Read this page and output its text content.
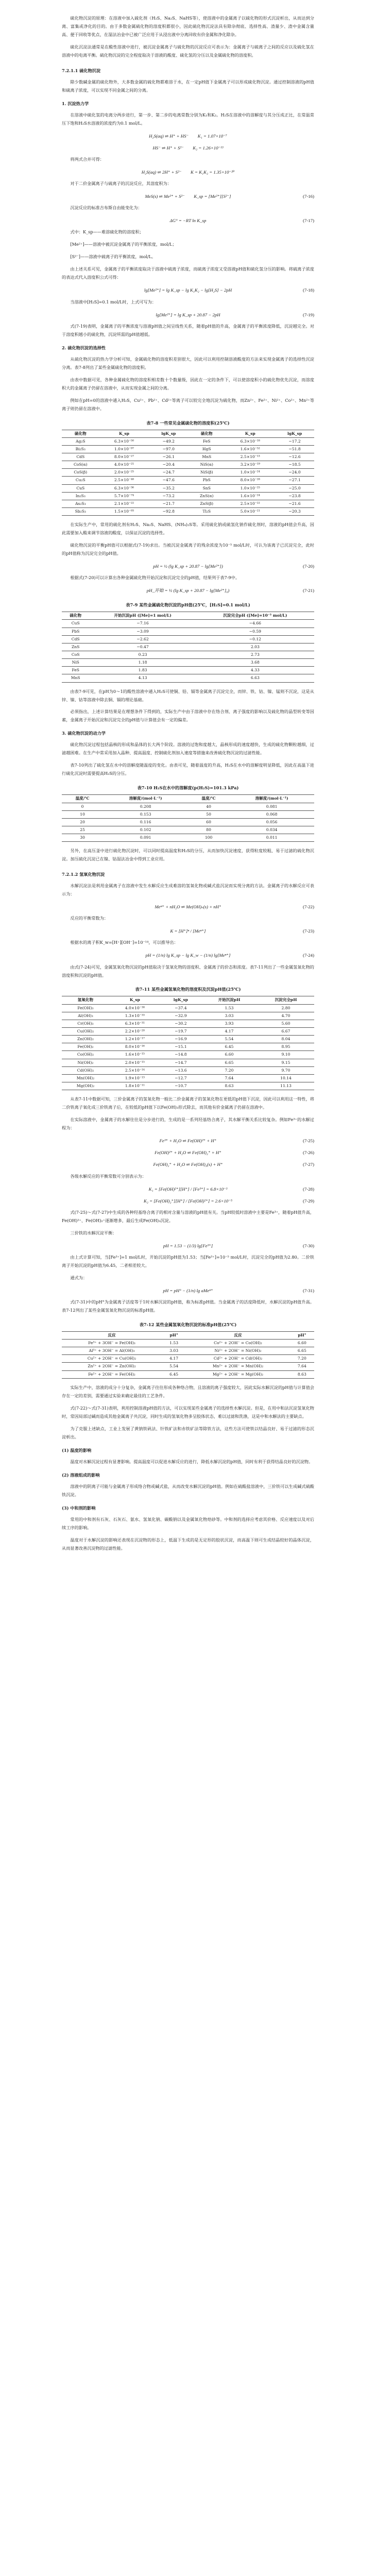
硫化物沉淀的原理：在溶液中加入硫化剂（H₂S、Na₂S、NaHS等），使溶液中的金属离子以硫化物的形式沉淀析出，从而达到分离、富集或净化的目的。由于多数金属硫化物的溶度积都很小，因此硫化物沉淀法具有除杂彻底、选择性高、渣量少、渣中金属含量高、便于回收等优点，在湿法冶金中已被广泛应用于从浸出液中分离回收有价金属和净化除杂。

硫化沉淀法通常是在酸性溶液中进行，被沉淀金属离子与硫化物的沉淀反应可表示为：金属离子与硫离子之间的反应以及硫化氢在溶液中的电离平衡。硫化物沉淀的完全程度取决于溶液的酸度、硫化氢的分压以及金属硫化物的溶度积。

7.2.1.1 硫化物沉淀

除少数碱金属的硫化物外，大多数金属的硫化物都难溶于水，在一定pH值下金属离子可以形成硫化物沉淀。通过控制溶液的pH值和硫离子浓度，可以实现不同金属之间的分离。

1. 沉淀热力学

在溶液中硫化氢的电离分两步进行，第一步、第二步的电离常数分别为K₁和K₂。H₂S在溶液中的溶解度与其分压成正比，在常温常压下饱和H₂S水溶液的浓度约为0.1 mol/L。

H₂S(aq) ⇌ H⁺ + HS⁻　　K₁ = 1.07×10⁻⁷
HS⁻ ⇌ H⁺ + S²⁻　　K₂ = 1.26×10⁻¹³

将两式合并可得：

H₂S(aq) ⇌ 2H⁺ + S²⁻　　K = K₁K₂ = 1.35×10⁻²⁰

对于二价金属离子与硫离子的沉淀反应，其溶度积为：

MeS(s) ⇌ Me²⁺ + S²⁻　　K_sp = [Me²⁺][S²⁻]	(7-16)

沉淀反应的标准吉布斯自由能变化为：

ΔG° = −RT ln K_sp	(7-17)

式中：K_sp——难溶硫化物的溶度积；

[Me²⁺]——溶液中被沉淀金属离子的平衡浓度，mol/L；

[S²⁻]——溶液中硫离子的平衡浓度，mol/L。

由上述关系可见，金属离子的平衡浓度取决于溶液中硫离子浓度，而硫离子浓度又受溶液pH值和硫化氢分压的影响。将硫离子浓度的表达式代入溶度积公式可得：

lg[Me²⁺] = lg K_sp − lg K₁K₂ − lg[H₂S] − 2pH	(7-18)

当溶液中[H₂S]=0.1 mol/L时，上式可写为：

lg[Me²⁺] = lg K_sp + 20.87 − 2pH	(7-19)

式(7-19)表明，金属离子的平衡浓度与溶液pH值之间呈线性关系，随着pH值的升高，金属离子的平衡浓度降低，沉淀越完全。对于溶度积越小的硫化物，沉淀所需的pH值越低。

2. 硫化物沉淀的选择性

从硫化物沉淀的热力学分析可知，金属硫化物的溶度积差别很大，因此可以利用控制溶液酸度的方法来实现金属离子的选择性沉淀分离。表7-8列出了某些金属硫化物的溶度积。

由表中数据可见，各种金属硫化物的溶度积相差数十个数量级，因此在一定的条件下，可以使溶度积小的硫化物优先沉淀，而溶度积大的金属离子仍留在溶液中，从而实现金属之间的分离。

例如在pH=0的溶液中通入H₂S，Cu²⁺、Pb²⁺、Cd²⁺等离子可以较完全地沉淀为硫化物，而Zn²⁺、Fe²⁺、Ni²⁺、Co²⁺、Mn²⁺等离子则仍留在溶液中。

表7-8 一些常见金属硫化物的溶度积(25℃)
硫化物	K_sp	lgK_sp	硫化物	K_sp	lgK_sp
Ag₂S	6.3×10⁻⁵⁰	−49.2	FeS	6.3×10⁻¹⁸	−17.2
Bi₂S₃	1.0×10⁻⁹⁷	−97.0	HgS	1.6×10⁻⁵²	−51.8
CdS	8.0×10⁻²⁷	−26.1	MnS	2.5×10⁻¹³	−12.6
CoS(α)	4.0×10⁻²¹	−20.4	NiS(α)	3.2×10⁻¹⁹	−18.5
CoS(β)	2.0×10⁻²⁵	−24.7	NiS(β)	1.0×10⁻²⁴	−24.0
Cu₂S	2.5×10⁻⁴⁸	−47.6	PbS	8.0×10⁻²⁸	−27.1
CuS	6.3×10⁻³⁶	−35.2	SnS	1.0×10⁻²⁵	−25.0
In₂S₃	5.7×10⁻⁷⁴	−73.2	ZnS(α)	1.6×10⁻²⁴	−23.8
As₂S₃	2.1×10⁻²²	−21.7	ZnS(β)	2.5×10⁻²²	−21.6
Sb₂S₃	1.5×10⁻⁹³	−92.8	Tl₂S	5.0×10⁻²¹	−20.3

在实际生产中，常用的硫化剂有H₂S、Na₂S、NaHS、(NH₄)₂S等。采用硫化钠或硫氢化钠作硫化剂时，溶液的pH值会升高，因此需要加入酸来调节溶液的酸度，以保证沉淀的选择性。

硫化物沉淀的平衡pH值可以根据式(7-19)求出。当被沉淀金属离子的残余浓度为10⁻⁵ mol/L时，可认为该离子已沉淀完全，此时的pH值称为沉淀完全的pH值。

pH = ½ (lg K_sp + 20.87 − lg[Me²⁺])	(7-20)

根据式(7-20)可以计算出各种金属硫化物开始沉淀和沉淀完全的pH值，结果列于表7-9中。

pH_开始 = ½ (lg K_sp + 20.87 − lg[Me²⁺]₀)	(7-21)
表7-9 某些金属硫化物沉淀的pH值(25℃，[H₂S]=0.1 mol/L)
硫化物	开始沉淀pH ([Me]=1 mol/L)	沉淀完全pH ([Me]=10⁻⁵ mol/L)
CuS	−7.16	−4.66
PbS	−3.09	−0.59
CdS	−2.62	−0.12
ZnS	−0.47	2.03
CoS	0.23	2.73
NiS	1.18	3.68
FeS	1.83	4.33
MnS	4.13	6.63

由表7-9可见，在pH为0～1的酸性溶液中通入H₂S可使铜、铅、镉等金属离子沉淀完全，而锌、铁、钴、镍、锰则不沉淀，这是从锌、镍、钴等溶液中除去铜、镉的理论基础。

必须指出，上述计算结果是在理想条件下得到的，实际生产中由于溶液中存在络合剂、离子强度的影响以及硫化物的晶型转变等因素，金属离子开始沉淀和沉淀完全的pH值与计算值会有一定的偏差。

3. 硫化物沉淀的动力学

硫化物沉淀过程包括晶核的形成和晶体的长大两个阶段。溶液的过饱和度越大，晶核形成的速度越快，生成的硫化物颗粒越细，过滤越困难。在生产中常采用加入晶种、提高温度、控制硫化剂加入速度等措施来改善硫化物沉淀的过滤性能。

表7-10列出了硫化氢在水中的溶解度随温度的变化。由表可见，随着温度的升高，H₂S在水中的溶解度明显降低，因此在高温下进行硫化沉淀时需要提高H₂S的分压。

表7-10 H₂S在水中的溶解度(p(H₂S)=101.3 kPa)
温度/℃	溶解度/(mol·L⁻¹)	温度/℃	溶解度/(mol·L⁻¹)
0	0.208	40	0.081
10	0.153	50	0.068
20	0.116	60	0.056
25	0.102	80	0.034
30	0.091	100	0.011

另外，在高压釜中进行硫化物沉淀时，可以同时提高温度和H₂S的分压，从而加快沉淀速度，获得粒度较粗、易于过滤的硫化物沉淀。加压硫化沉淀已在镍、钴湿法冶金中得到工业应用。

7.2.1.2 氢氧化物沉淀

水解沉淀法是利用金属离子在溶液中发生水解反应生成难溶的氢氧化物或碱式盐沉淀而实现分离的方法。金属离子的水解反应可表示为：

Meⁿ⁺ + nH₂O ⇌ Me(OH)ₙ(s) + nH⁺	(7-22)

反应的平衡常数为：

K = [H⁺]ⁿ / [Meⁿ⁺]	(7-23)

根据水的离子积K_w=[H⁺][OH⁻]=10⁻¹⁴，可以推导出：

pH = (1/n) lg K_sp − lg K_w − (1/n) lg[Meⁿ⁺]	(7-24)

由式(7-24)可见，金属氢氧化物沉淀的pH值取决于氢氧化物的溶度积、金属离子的价态和浓度。表7-11列出了一些金属氢氧化物的溶度积和沉淀的pH值。

表7-11 某些金属氢氧化物的溶度积及沉淀pH值(25℃)
氢氧化物	K_sp	lgK_sp	开始沉淀pH	沉淀完全pH
Fe(OH)₃	4.0×10⁻³⁸	−37.4	1.53	2.80
Al(OH)₃	1.3×10⁻³³	−32.9	3.03	4.70
Cr(OH)₃	6.3×10⁻³¹	−30.2	3.93	5.60
Cu(OH)₂	2.2×10⁻²⁰	−19.7	4.17	6.67
Zn(OH)₂	1.2×10⁻¹⁷	−16.9	5.54	8.04
Fe(OH)₂	8.0×10⁻¹⁶	−15.1	6.45	8.95
Co(OH)₂	1.6×10⁻¹⁵	−14.8	6.60	9.10
Ni(OH)₂	2.0×10⁻¹⁵	−14.7	6.65	9.15
Cd(OH)₂	2.5×10⁻¹⁴	−13.6	7.20	9.70
Mn(OH)₂	1.9×10⁻¹³	−12.7	7.64	10.14
Mg(OH)₂	1.8×10⁻¹¹	−10.7	8.63	11.13

从表7-11中数据可知，三价金属离子的氢氧化物一般比二价金属离子的氢氧化物在更低的pH值下沉淀，因此可以利用这一特性，将二价铁离子氧化成三价铁离子后，在较低的pH值下以Fe(OH)₃形式除去，而其他有价金属离子仍留在溶液中。

在实际溶液中，金属离子的水解往往是分步进行的，生成的是一系列羟基络合离子，其水解平衡关系比较复杂。例如Fe³⁺的水解过程为：

Fe³⁺ + H₂O ⇌ Fe(OH)²⁺ + H⁺	(7-25)
Fe(OH)²⁺ + H₂O ⇌ Fe(OH)₂⁺ + H⁺	(7-26)
Fe(OH)₂⁺ + H₂O ⇌ Fe(OH)₃(s) + H⁺	(7-27)

各级水解反应的平衡常数可分别表示为：

K₁ = [Fe(OH)²⁺][H⁺] / [Fe³⁺] = 6.8×10⁻³	(7-28)
K₂ = [Fe(OH)₂⁺][H⁺] / [Fe(OH)²⁺] = 2.6×10⁻⁵	(7-29)

式(7-25)～式(7-27)中生成的各种羟基络合离子的相对含量与溶液的pH值有关。当pH较低时溶液中主要是Fe³⁺，随着pH值升高，Fe(OH)²⁺、Fe(OH)₂⁺逐渐增多，最后生成Fe(OH)₃沉淀。

三价铁的水解沉淀平衡：

pH = 1.53 − (1/3) lg[Fe³⁺]	(7-30)

由上式计算可知，当[Fe³⁺]=1 mol/L时，开始沉淀的pH值为1.53；当[Fe³⁺]=10⁻⁵ mol/L时，沉淀完全的pH值为2.80。二价铁离子开始沉淀的pH值为6.45，二者相差较大。

通式为：

pH = pH° − (1/n) lg aMeⁿ⁺	(7-31)

式(7-31)中的pH°为金属离子活度等于1时水解沉淀的pH值，称为标准pH值。当金属离子的活度降低时，水解沉淀的pH值升高。表7-12列出了某些金属氢氧化物沉淀的标准pH值。

表7-12 某些金属氢氧化物沉淀的标准pH值(25℃)
反应	pH°	反应	pH°
Fe³⁺ + 3OH⁻ = Fe(OH)₃	1.53	Co²⁺ + 2OH⁻ = Co(OH)₂	6.60
Al³⁺ + 3OH⁻ = Al(OH)₃	3.03	Ni²⁺ + 2OH⁻ = Ni(OH)₂	6.65
Cu²⁺ + 2OH⁻ = Cu(OH)₂	4.17	Cd²⁺ + 2OH⁻ = Cd(OH)₂	7.20
Zn²⁺ + 2OH⁻ = Zn(OH)₂	5.54	Mn²⁺ + 2OH⁻ = Mn(OH)₂	7.64
Fe²⁺ + 2OH⁻ = Fe(OH)₂	6.45	Mg²⁺ + 2OH⁻ = Mg(OH)₂	8.63

实际生产中，溶液的成分十分复杂，金属离子往往形成各种络合物，且溶液的离子强度较大，因此实际水解沉淀的pH值与计算值会存在一定的差别，需要通过实验来确定最佳的工艺条件。

式(7-22)～式(7-31)表明，利用控制溶液pH值的方法，可以实现某些金属离子的选择性水解沉淀。但是，在用中和法沉淀氢氧化物时，常因局部过碱而造成其他金属离子共沉淀，同时生成的氢氧化物多呈胶体状态，难以过滤和洗涤，这是中和水解法的主要缺点。

为了克服上述缺点，工业上发展了黄钠铁矾法、针铁矿法和赤铁矿法等除铁方法，这些方法可使铁以结晶良好、易于过滤的形态沉淀析出。

(1) 温度的影响

温度对水解沉淀过程有显著影响。提高温度可以促进水解反应的进行，降低水解沉淀的pH值，同时有利于获得结晶良好的沉淀物。

(2) 溶液组成的影响

溶液中的阴离子可能与金属离子形成络合物或碱式盐，从而改变水解沉淀的pH值。例如在硫酸盐溶液中，三价铁可以生成碱式硫酸铁沉淀。

(3) 中和剂的影响

常用的中和剂有石灰、石灰石、氨水、氢氧化钠、碳酸钠以及金属氧化物焙砂等。中和剂的选择应考虑其价格、反应速度以及对后续工序的影响。

温度对于水解沉淀的影响还表现在沉淀物的形态上，低温下生成的是无定形的胶状沉淀，而高温下则可生成结晶较好的晶体沉淀，从而显著改善沉淀物的过滤性能。
